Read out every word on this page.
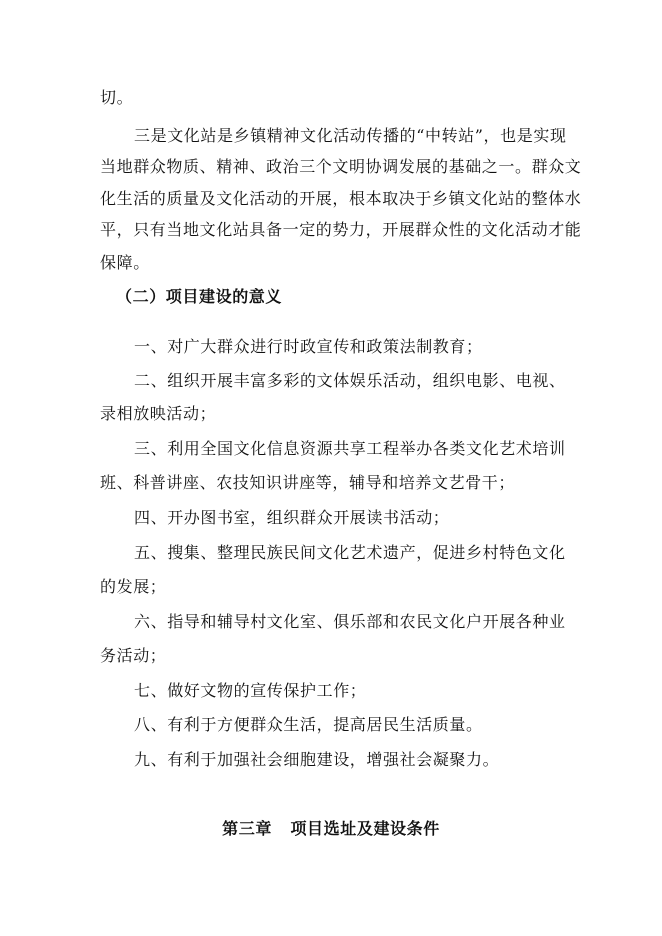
切。
三是文化站是乡镇精神文化活动传播的“中转站”，也是实现
当地群众物质、精神、政治三个文明协调发展的基础之一。群众文
化生活的质量及文化活动的开展，根本取决于乡镇文化站的整体水
平，只有当地文化站具备一定的势力，开展群众性的文化活动才能
保障。
（二）项目建设的意义
一、对广大群众进行时政宣传和政策法制教育；
二、组织开展丰富多彩的文体娱乐活动，组织电影、电视、
录相放映活动；
三、利用全国文化信息资源共享工程举办各类文化艺术培训
班、科普讲座、农技知识讲座等，辅导和培养文艺骨干；
四、开办图书室，组织群众开展读书活动；
五、搜集、整理民族民间文化艺术遗产，促进乡村特色文化
的发展；
六、指导和辅导村文化室、俱乐部和农民文化户开展各种业
务活动；
七、做好文物的宣传保护工作；
八、有利于方便群众生活，提高居民生活质量。
九、有利于加强社会细胞建设，增强社会凝聚力。
第三章 项目选址及建设条件
